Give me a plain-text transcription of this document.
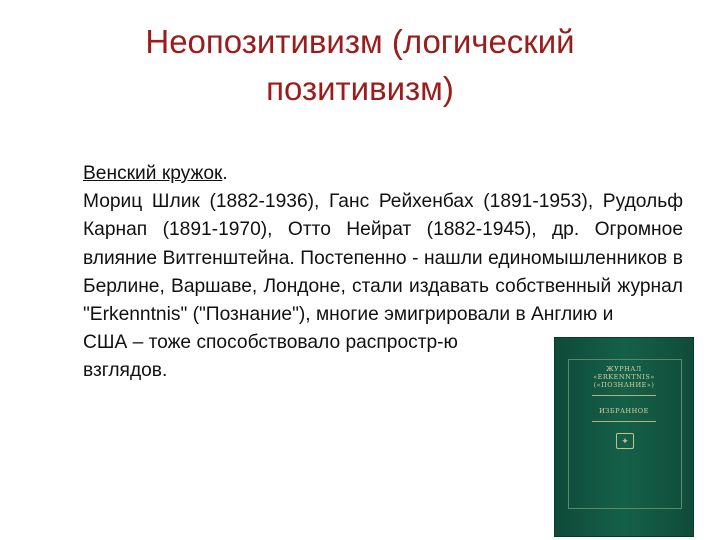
Неопозитивизм (логический
позитивизм)

Венский кружок.

Мориц Шлик (1882-1936), Ганс Рейхенбах (1891-1953), Рудольф Карнап (1891-1970), Отто Нейрат (1882-1945), др. Огромное влияние Витгенштейна. Постепенно - нашли единомышленников в Берлине, Варшаве, Лондоне, стали издавать собственный журнал "Erkenntnis" ("Познание"), многие эмигрировали в Англию и

США – тоже способствовало распростр-ю

взглядов.	ЖУРНАЛ
«ERKENNTNIS»
(«ПОЗНАНИЕ»)
ИЗБРАННОЕ
✦
